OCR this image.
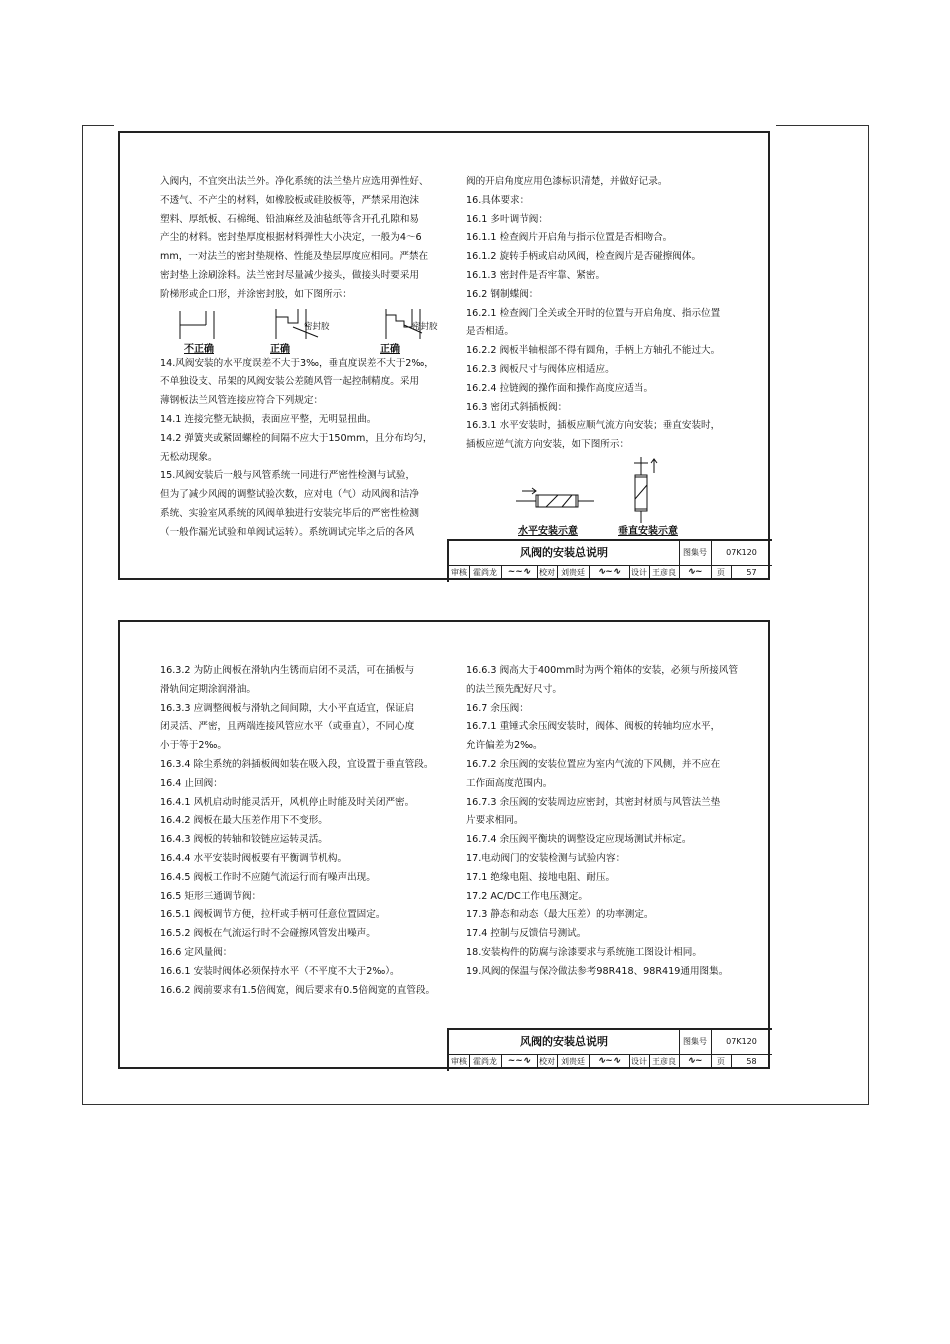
入阀内，不宜突出法兰外。净化系统的法兰垫片应选用弹性好、
不透气、不产尘的材料，如橡胶板或硅胶板等，严禁采用泡沫
塑料、厚纸板、石棉绳、铅油麻丝及油毡纸等含开孔孔隙和易
产尘的材料。密封垫厚度根据材料弹性大小决定，一般为4～6
mm，一对法兰的密封垫规格、性能及垫层厚度应相同。严禁在
密封垫上涂刷涂料。法兰密封尽量减少接头，做接头时要采用
阶梯形或企口形，并涂密封胶，如下图所示：
密封胶	密封胶
不正确	正确	正确
14.风阀安装的水平度误差不大于3‰，垂直度误差不大于2‰，
不单独设支、吊架的风阀安装公差随风管一起控制精度。采用
薄钢板法兰风管连接应符合下列规定：
14.1 连接完整无缺损，表面应平整，无明显扭曲。
14.2 弹簧夹或紧固螺栓的间隔不应大于150mm，且分布均匀，
无松动现象。
15.风阀安装后一般与风管系统一同进行严密性检测与试验，
但为了减少风阀的调整试验次数，应对电（气）动风阀和洁净
系统、实验室风系统的风阀单独进行安装完毕后的严密性检测
（一般作漏光试验和单阀试运转）。系统调试完毕之后的各风
阀的开启角度应用色漆标识清楚，并做好记录。
16.具体要求：
16.1 多叶调节阀：
16.1.1 检查阀片开启角与指示位置是否相吻合。
16.1.2 旋转手柄或启动风阀，检查阀片是否碰擦阀体。
16.1.3 密封件是否牢靠、紧密。
16.2 钢制蝶阀：
16.2.1 检查阀门全关或全开时的位置与开启角度、指示位置
是否相适。
16.2.2 阀板半轴根部不得有圆角，手柄上方轴孔不能过大。
16.2.3 阀板尺寸与阀体应相适应。
16.2.4 拉链阀的操作面和操作高度应适当。
16.3 密闭式斜插板阀：
16.3.1 水平安装时，插板应顺气流方向安装；垂直安装时，
插板应逆气流方向安装，如下图所示：
水平安装示意	垂直安装示意
风阀的安装总说明	图集号	07K120
审核 霍尚龙	~~∿	校对 刘贵廷	∿~∿	设计 王彦良	∿~	页	57
16.3.2 为防止阀板在滑轨内生锈而启闭不灵活，可在插板与
滑轨间定期涂润滑油。
16.3.3 应调整阀板与滑轨之间间隙，大小平直适宜，保证启
闭灵活、严密，且两端连接风管应水平（或垂直），不同心度
小于等于2‰。
16.3.4 除尘系统的斜插板阀如装在吸入段，宜设置于垂直管段。
16.4 止回阀：
16.4.1 风机启动时能灵活开，风机停止时能及时关闭严密。
16.4.2 阀板在最大压差作用下不变形。
16.4.3 阀板的转轴和铰链应运转灵活。
16.4.4 水平安装时阀板要有平衡调节机构。
16.4.5 阀板工作时不应随气流运行而有噪声出现。
16.5 矩形三通调节阀：
16.5.1 阀板调节方便，拉杆或手柄可任意位置固定。
16.5.2 阀板在气流运行时不会碰擦风管发出噪声。
16.6 定风量阀：
16.6.1 安装时阀体必须保持水平（不平度不大于2‰）。
16.6.2 阀前要求有1.5倍阀宽，阀后要求有0.5倍阀宽的直管段。
16.6.3 阀高大于400mm时为两个箱体的安装，必须与所接风管
的法兰预先配好尺寸。
16.7 余压阀：
16.7.1 重锤式余压阀安装时，阀体、阀板的转轴均应水平，
允许偏差为2‰。
16.7.2 余压阀的安装位置应为室内气流的下风侧，并不应在
工作面高度范围内。
16.7.3 余压阀的安装周边应密封，其密封材质与风管法兰垫
片要求相同。
16.7.4 余压阀平衡块的调整设定应现场测试并标定。
17.电动阀门的安装检测与试验内容：
17.1 绝缘电阻、接地电阻、耐压。
17.2 AC/DC工作电压测定。
17.3 静态和动态（最大压差）的功率测定。
17.4 控制与反馈信号测试。
18.安装构件的防腐与涂漆要求与系统施工图设计相同。
19.风阀的保温与保冷做法参考98R418、98R419通用图集。
风阀的安装总说明	图集号	07K120
审核 霍尚龙	~~∿	校对 刘贵廷	∿~∿	设计 王彦良	∿~	页	58
